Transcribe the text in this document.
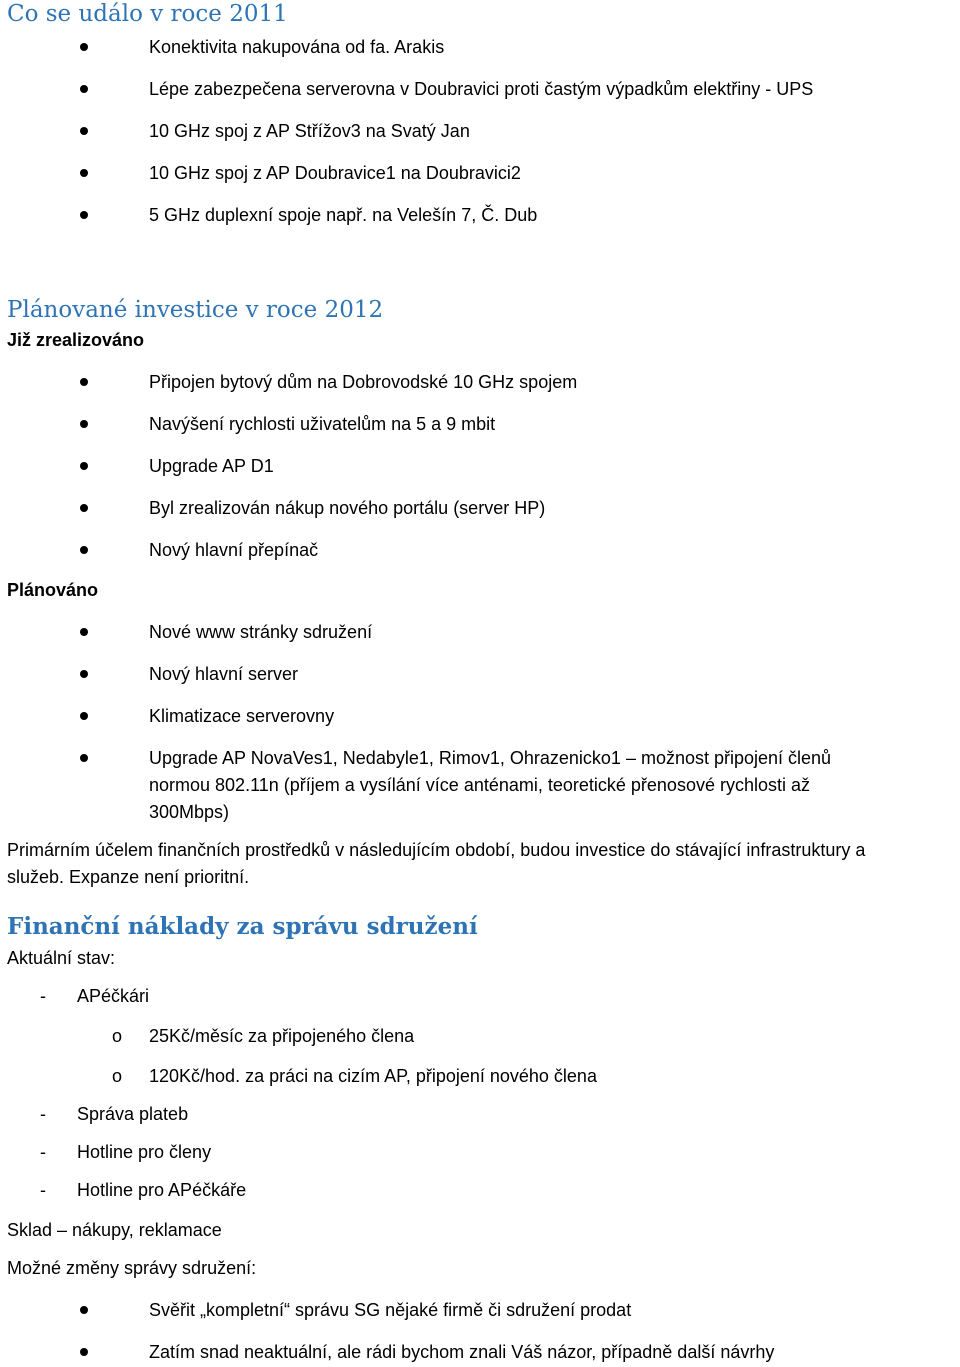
Co se událo v roce 2011
Konektivita nakupována od fa. Arakis
Lépe zabezpečena serverovna v Doubravici proti častým výpadkům elektřiny - UPS
10 GHz spoj z AP Střížov3 na Svatý Jan
10 GHz spoj z AP Doubravice1 na Doubravici2
5 GHz duplexní spoje např. na Velešín 7, Č. Dub
Plánované investice v roce 2012
Již zrealizováno
Připojen bytový dům na Dobrovodské 10 GHz spojem
Navýšení rychlosti uživatelům na 5 a 9 mbit
Upgrade AP D1
Byl zrealizován nákup nového portálu (server HP)
Nový hlavní přepínač
Plánováno
Nové www stránky sdružení
Nový hlavní server
Klimatizace serverovny
Upgrade AP NovaVes1, Nedabyle1, Rimov1, Ohrazenicko1 – možnost připojení členů
normou 802.11n (příjem a vysílání více anténami, teoretické přenosové rychlosti až
300Mbps)
Primárním účelem finančních prostředků v následujícím období, budou investice do stávající infrastruktury a
služeb. Expanze není prioritní.
Finanční náklady za správu sdružení
Aktuální stav:
- APéčkári
o 25Kč/měsíc za připojeného člena
o 120Kč/hod. za práci na cizím AP, připojení nového člena
- Správa plateb
- Hotline pro členy
- Hotline pro APéčkáře
Sklad – nákupy, reklamace
Možné změny správy sdružení:
Svěřit „kompletní“ správu SG nějaké firmě či sdružení prodat
Zatím snad neaktuální, ale rádi bychom znali Váš názor, případně další návrhy
